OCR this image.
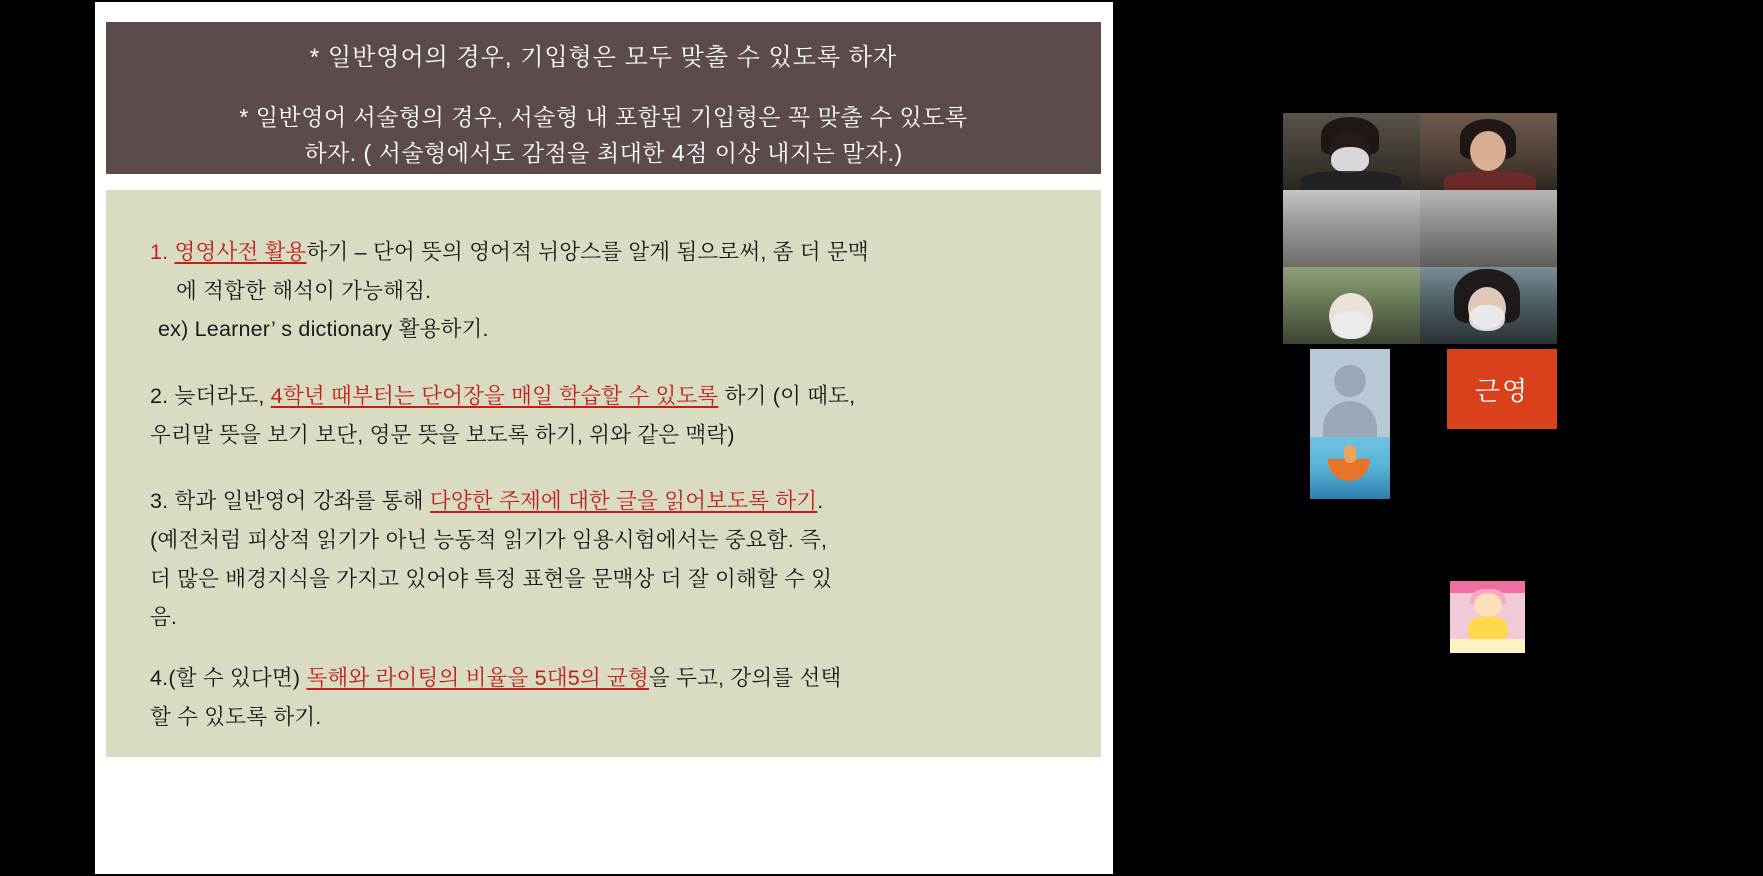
* 일반영어의 경우, 기입형은 모두 맞출 수 있도록 하자
* 일반영어 서술형의 경우, 서술형 내 포함된 기입형은 꼭 맞출 수 있도록
하자. ( 서술형에서도 감점을 최대한 4점 이상 내지는 말자.)

1. 영영사전 활용하기 – 단어 뜻의 영어적 뉘앙스를 알게 됨으로써, 좀 더 문맥

에 적합한 해석이 가능해짐.

ex) Learner’ s dictionary 활용하기.

2. 늦더라도, 4학년 때부터는 단어장을 매일 학습할 수 있도록 하기 (이 때도,

우리말 뜻을 보기 보단, 영문 뜻을 보도록 하기, 위와 같은 맥락)

3. 학과 일반영어 강좌를 통해 다양한 주제에 대한 글을 읽어보도록 하기.

(예전처럼 피상적 읽기가 아닌 능동적 읽기가 임용시험에서는 중요함. 즉,

더 많은 배경지식을 가지고 있어야 특정 표현을 문맥상 더 잘 이해할 수 있

음.

4.(할 수 있다면) 독해와 라이팅의 비율을 5대5의 균형을 두고, 강의를 선택

할 수 있도록 하기.

근영
